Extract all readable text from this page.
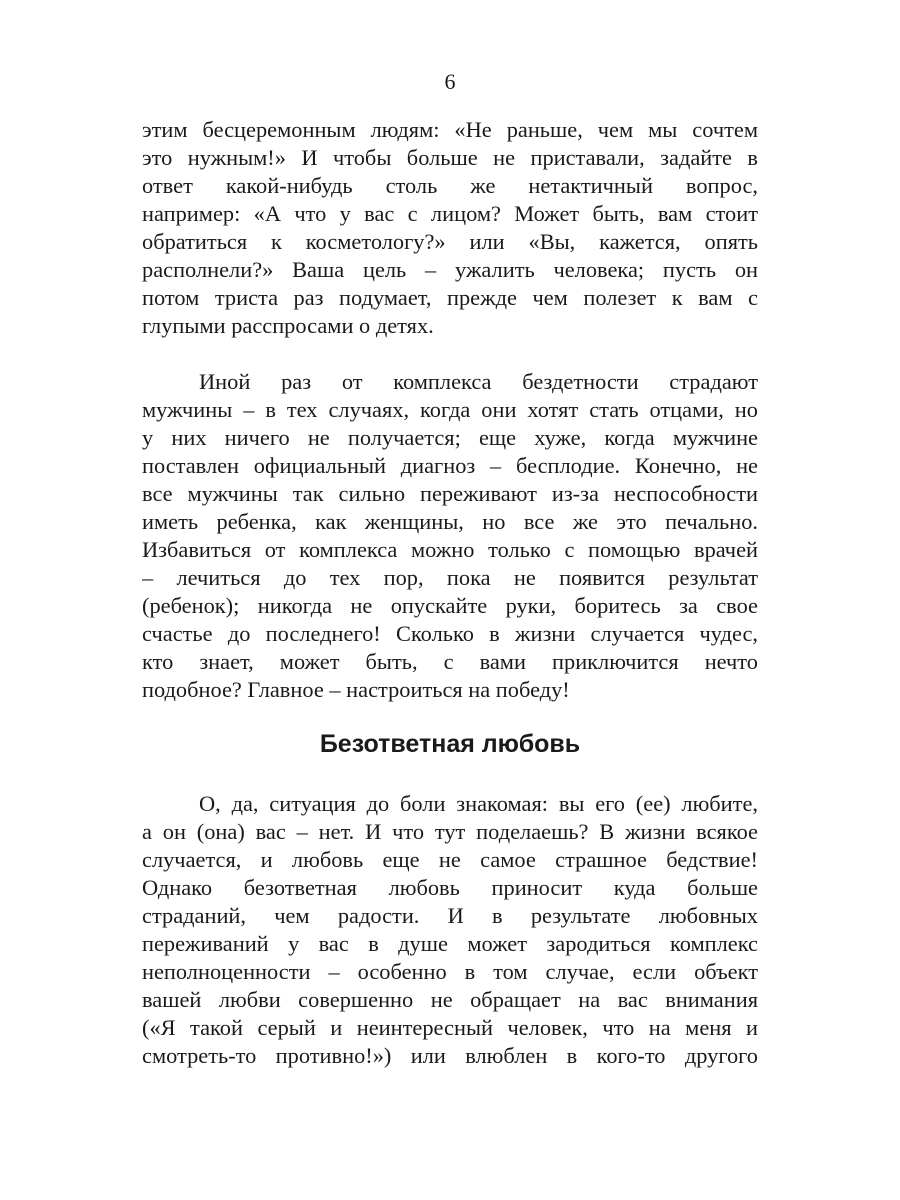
6

этим бесцеремонным людям: «Не раньше, чем мы сочтем
это нужным!» И чтобы больше не приставали, задайте в
ответ какой-нибудь столь же нетактичный вопрос,
например: «А что у вас с лицом? Может быть, вам стоит
обратиться к косметологу?» или «Вы, кажется, опять
располнели?» Ваша цель – ужалить человека; пусть он
потом триста раз подумает, прежде чем полезет к вам с
глупыми расспросами о детях.

Иной раз от комплекса бездетности страдают
мужчины – в тех случаях, когда они хотят стать отцами, но
у них ничего не получается; еще хуже, когда мужчине
поставлен официальный диагноз – бесплодие. Конечно, не
все мужчины так сильно переживают из-за неспособности
иметь ребенка, как женщины, но все же это печально.
Избавиться от комплекса можно только с помощью врачей
– лечиться до тех пор, пока не появится результат
(ребенок); никогда не опускайте руки, боритесь за свое
счастье до последнего! Сколько в жизни случается чудес,
кто знает, может быть, с вами приключится нечто
подобное? Главное – настроиться на победу!

Безответная любовь

О, да, ситуация до боли знакомая: вы его (ее) любите,
а он (она) вас – нет. И что тут поделаешь? В жизни всякое
случается, и любовь еще не самое страшное бедствие!
Однако безответная любовь приносит куда больше
страданий, чем радости. И в результате любовных
переживаний у вас в душе может зародиться комплекс
неполноценности – особенно в том случае, если объект
вашей любви совершенно не обращает на вас внимания
(«Я такой серый и неинтересный человек, что на меня и
смотреть-то противно!») или влюблен в кого-то другого
